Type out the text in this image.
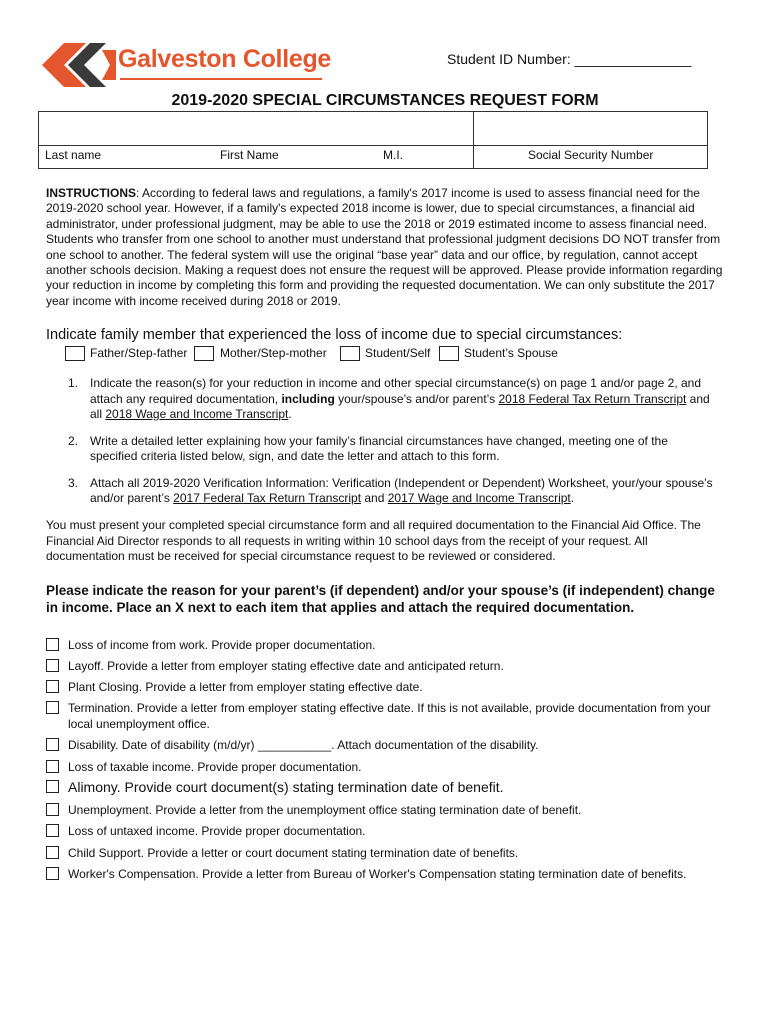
Galveston College	Student ID Number: _______________
2019-2020 SPECIAL CIRCUMSTANCES REQUEST FORM
Last name	First Name	M.I.	Social Security Number
INSTRUCTIONS: According to federal laws and regulations, a family's 2017 income is used to assess financial need for the 2019-2020 school year. However, if a family's expected 2018 income is lower, due to special circumstances, a financial aid administrator, under professional judgment, may be able to use the 2018 or 2019 estimated income to assess financial need. Students who transfer from one school to another must understand that professional judgment decisions DO NOT transfer from one school to another. The federal system will use the original “base year” data and our office, by regulation, cannot accept another schools decision. Making a request does not ensure the request will be approved. Please provide information regarding your reduction in income by completing this form and providing the requested documentation. We can only substitute the 2017 year income with income received during 2018 or 2019.
Indicate family member that experienced the loss of income due to special circumstances:
Father/Step-father	Mother/Step-mother	Student/Self	Student’s Spouse
1. Indicate the reason(s) for your reduction in income and other special circumstance(s) on page 1 and/or page 2, and attach any required documentation, including your/spouse’s and/or parent’s 2018 Federal Tax Return Transcript and all 2018 Wage and Income Transcript.
2. Write a detailed letter explaining how your family’s financial circumstances have changed, meeting one of the specified criteria listed below, sign, and date the letter and attach to this form.
3. Attach all 2019-2020 Verification Information: Verification (Independent or Dependent) Worksheet, your/your spouse’s and/or parent’s 2017 Federal Tax Return Transcript and 2017 Wage and Income Transcript.
You must present your completed special circumstance form and all required documentation to the Financial Aid Office. The Financial Aid Director responds to all requests in writing within 10 school days from the receipt of your request. All documentation must be received for special circumstance request to be reviewed or considered.
Please indicate the reason for your parent’s (if dependent) and/or your spouse’s (if independent) change in income. Place an X next to each item that applies and attach the required documentation.
Loss of income from work. Provide proper documentation.
Layoff. Provide a letter from employer stating effective date and anticipated return.
Plant Closing. Provide a letter from employer stating effective date.
Termination. Provide a letter from employer stating effective date. If this is not available, provide documentation from your local unemployment office.
Disability. Date of disability (m/d/yr) ___________. Attach documentation of the disability.
Loss of taxable income. Provide proper documentation.
Alimony. Provide court document(s) stating termination date of benefit.
Unemployment. Provide a letter from the unemployment office stating termination date of benefit.
Loss of untaxed income. Provide proper documentation.
Child Support. Provide a letter or court document stating termination date of benefits.
Worker's Compensation. Provide a letter from Bureau of Worker's Compensation stating termination date of benefits.
